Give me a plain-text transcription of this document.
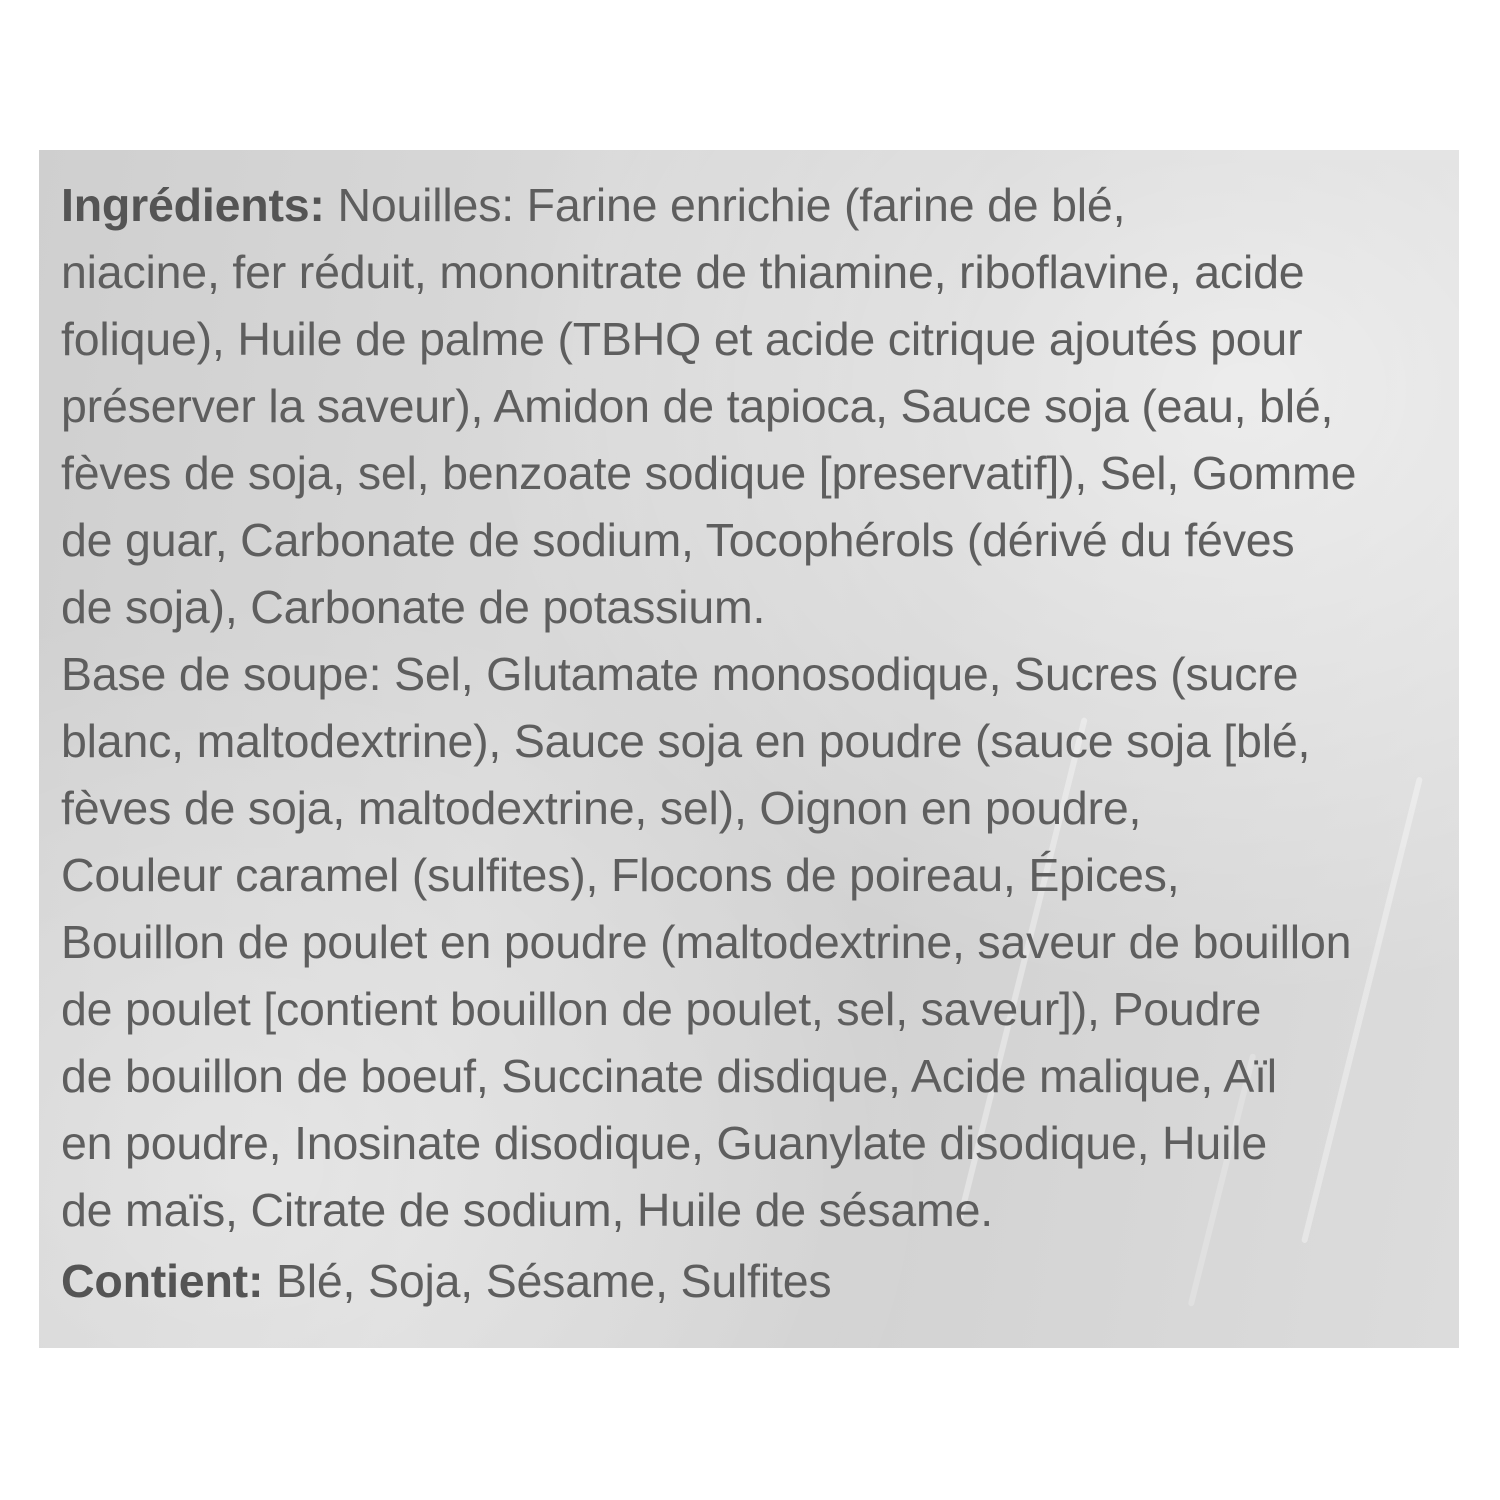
Ingrédients: Nouilles: Farine enrichie (farine de blé,
niacine, fer réduit, mononitrate de thiamine, riboflavine, acide
folique), Huile de palme (TBHQ et acide citrique ajoutés pour
préserver la saveur), Amidon de tapioca, Sauce soja (eau, blé,
fèves de soja, sel, benzoate sodique [preservatif]), Sel, Gomme
de guar, Carbonate de sodium, Tocophérols (dérivé du féves
de soja), Carbonate de potassium.
Base de soupe: Sel, Glutamate monosodique, Sucres (sucre
blanc, maltodextrine), Sauce soja en poudre (sauce soja [blé,
fèves de soja, maltodextrine, sel), Oignon en poudre,
Couleur caramel (sulfites), Flocons de poireau, Épices,
Bouillon de poulet en poudre (maltodextrine, saveur de bouillon
de poulet [contient bouillon de poulet, sel, saveur]), Poudre
de bouillon de boeuf, Succinate disdique, Acide malique, Aïl
en poudre, Inosinate disodique, Guanylate disodique, Huile
de maïs, Citrate de sodium, Huile de sésame.
Contient: Blé, Soja, Sésame, Sulfites
